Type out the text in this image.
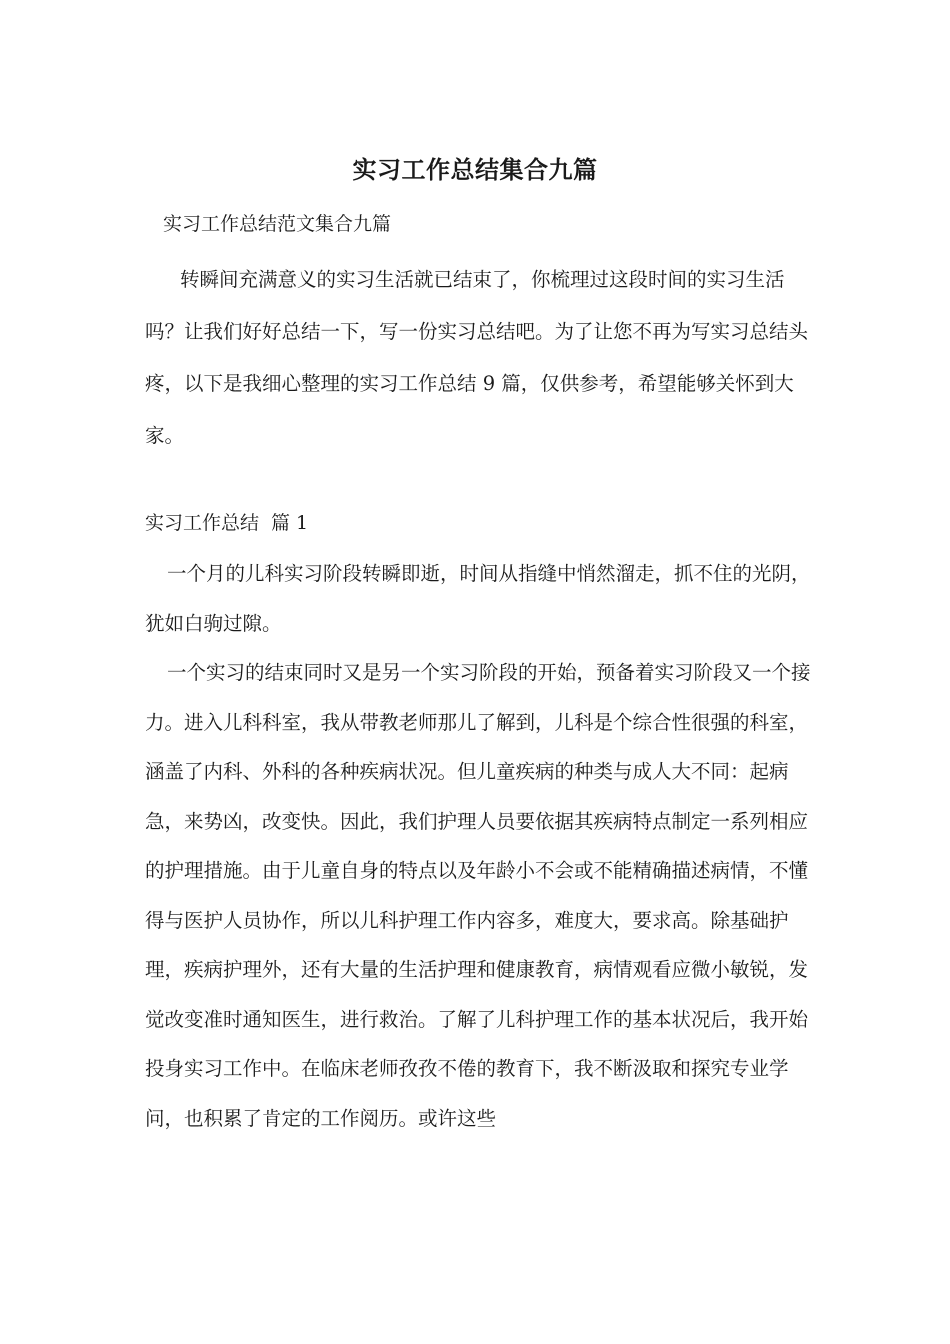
实习工作总结集合九篇
实习工作总结范文集合九篇

转瞬间充满意义的实习生活就已结束了，你梳理过这段时间的实习生活吗？让我们好好总结一下，写一份实习总结吧。为了让您不再为写实习总结头疼，以下是我细心整理的实习工作总结 9 篇，仅供参考，希望能够关怀到大家。

实习工作总结 篇 1

一个月的儿科实习阶段转瞬即逝，时间从指缝中悄然溜走，抓不住的光阴，犹如白驹过隙。

一个实习的结束同时又是另一个实习阶段的开始，预备着实习阶段又一个接力。进入儿科科室，我从带教老师那儿了解到，儿科是个综合性很强的科室，涵盖了内科、外科的各种疾病状况。但儿童疾病的种类与成人大不同：起病急，来势凶，改变快。因此，我们护理人员要依据其疾病特点制定一系列相应的护理措施。由于儿童自身的特点以及年龄小不会或不能精确描述病情，不懂得与医护人员协作，所以儿科护理工作内容多，难度大，要求高。除基础护理，疾病护理外，还有大量的生活护理和健康教育，病情观看应微小敏锐，发觉改变准时通知医生，进行救治。了解了儿科护理工作的基本状况后，我开始投身实习工作中。在临床老师孜孜不倦的教育下，我不断汲取和探究专业学问，也积累了肯定的工作阅历。或许这些
